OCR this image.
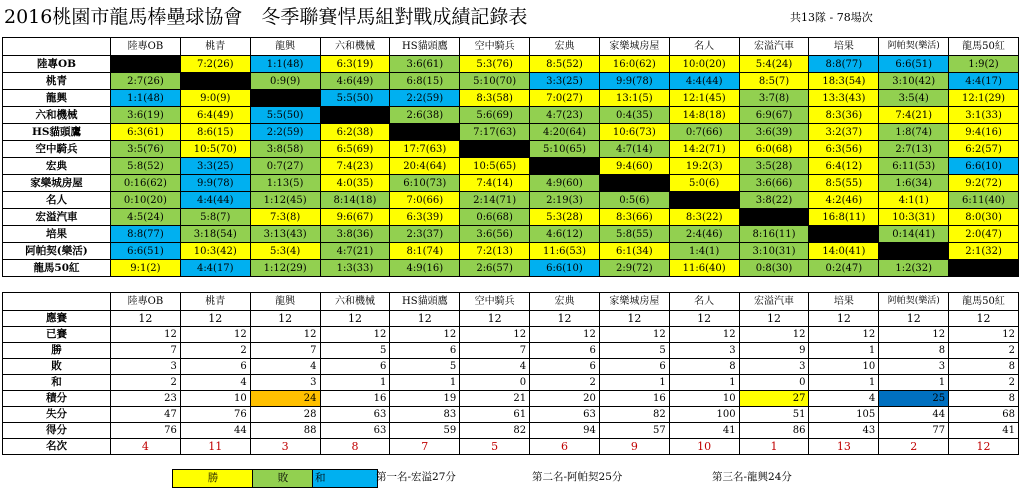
2016桃園市龍馬棒壘球協會　冬季聯賽悍馬組對戰成績記錄表	共13隊 - 78場次
	陸專OB	桃青	龍興	六和機械	HS貓頭鷹	空中騎兵	宏典	家樂城房屋	名人	宏溢汽車	培果	阿帕契(樂活)	龍馬50紅
陸專OB		7:2(26)	1:1(48)	6:3(19)	3:6(61)	5:3(76)	8:5(52)	16:0(62)	10:0(20)	5:4(24)	8:8(77)	6:6(51)	1:9(2)
桃青	2:7(26)		0:9(9)	4:6(49)	6:8(15)	5:10(70)	3:3(25)	9:9(78)	4:4(44)	8:5(7)	18:3(54)	3:10(42)	4:4(17)
龍興	1:1(48)	9:0(9)		5:5(50)	2:2(59)	8:3(58)	7:0(27)	13:1(5)	12:1(45)	3:7(8)	13:3(43)	3:5(4)	12:1(29)
六和機械	3:6(19)	6:4(49)	5:5(50)		2:6(38)	5:6(69)	4:7(23)	0:4(35)	14:8(18)	6:9(67)	8:3(36)	7:4(21)	3:1(33)
HS貓頭鷹	6:3(61)	8:6(15)	2:2(59)	6:2(38)		7:17(63)	4:20(64)	10:6(73)	0:7(66)	3:6(39)	3:2(37)	1:8(74)	9:4(16)
空中騎兵	3:5(76)	10:5(70)	3:8(58)	6:5(69)	17:7(63)		5:10(65)	4:7(14)	14:2(71)	6:0(68)	6:3(56)	2:7(13)	6:2(57)
宏典	5:8(52)	3:3(25)	0:7(27)	7:4(23)	20:4(64)	10:5(65)		9:4(60)	19:2(3)	3:5(28)	6:4(12)	6:11(53)	6:6(10)
家樂城房屋	0:16(62)	9:9(78)	1:13(5)	4:0(35)	6:10(73)	7:4(14)	4:9(60)		5:0(6)	3:6(66)	8:5(55)	1:6(34)	9:2(72)
名人	0:10(20)	4:4(44)	1:12(45)	8:14(18)	7:0(66)	2:14(71)	2:19(3)	0:5(6)		3:8(22)	4:2(46)	4:1(1)	6:11(40)
宏溢汽車	4:5(24)	5:8(7)	7:3(8)	9:6(67)	6:3(39)	0:6(68)	5:3(28)	8:3(66)	8:3(22)		16:8(11)	10:3(31)	8:0(30)
培果	8:8(77)	3:18(54)	3:13(43)	3:8(36)	2:3(37)	3:6(56)	4:6(12)	5:8(55)	2:4(46)	8:16(11)		0:14(41)	2:0(47)
阿帕契(樂活)	6:6(51)	10:3(42)	5:3(4)	4:7(21)	8:1(74)	7:2(13)	11:6(53)	6:1(34)	1:4(1)	3:10(31)	14:0(41)		2:1(32)
龍馬50紅	9:1(2)	4:4(17)	1:12(29)	1:3(33)	4:9(16)	2:6(57)	6:6(10)	2:9(72)	11:6(40)	0:8(30)	0:2(47)	1:2(32)	
	陸專OB	桃青	龍興	六和機械	HS貓頭鷹	空中騎兵	宏典	家樂城房屋	名人	宏溢汽車	培果	阿帕契(樂活)	龍馬50紅
應賽	12	12	12	12	12	12	12	12	12	12	12	12	12
已賽	12	12	12	12	12	12	12	12	12	12	12	12	12
勝	7	2	7	5	6	7	6	5	3	9	1	8	2
敗	3	6	4	6	5	4	6	6	8	3	10	3	8
和	2	4	3	1	1	0	2	1	1	0	1	1	2
積分	23	10	24	16	19	21	20	16	10	27	4	25	8
失分	47	76	28	63	83	61	63	82	100	51	105	44	68
得分	76	44	88	63	59	82	94	57	41	86	43	77	41
名次	4	11	3	8	7	5	6	9	10	1	13	2	12
勝	敗	和	第一名-宏溢27分	第二名-阿帕契25分	第三名-龍興24分
